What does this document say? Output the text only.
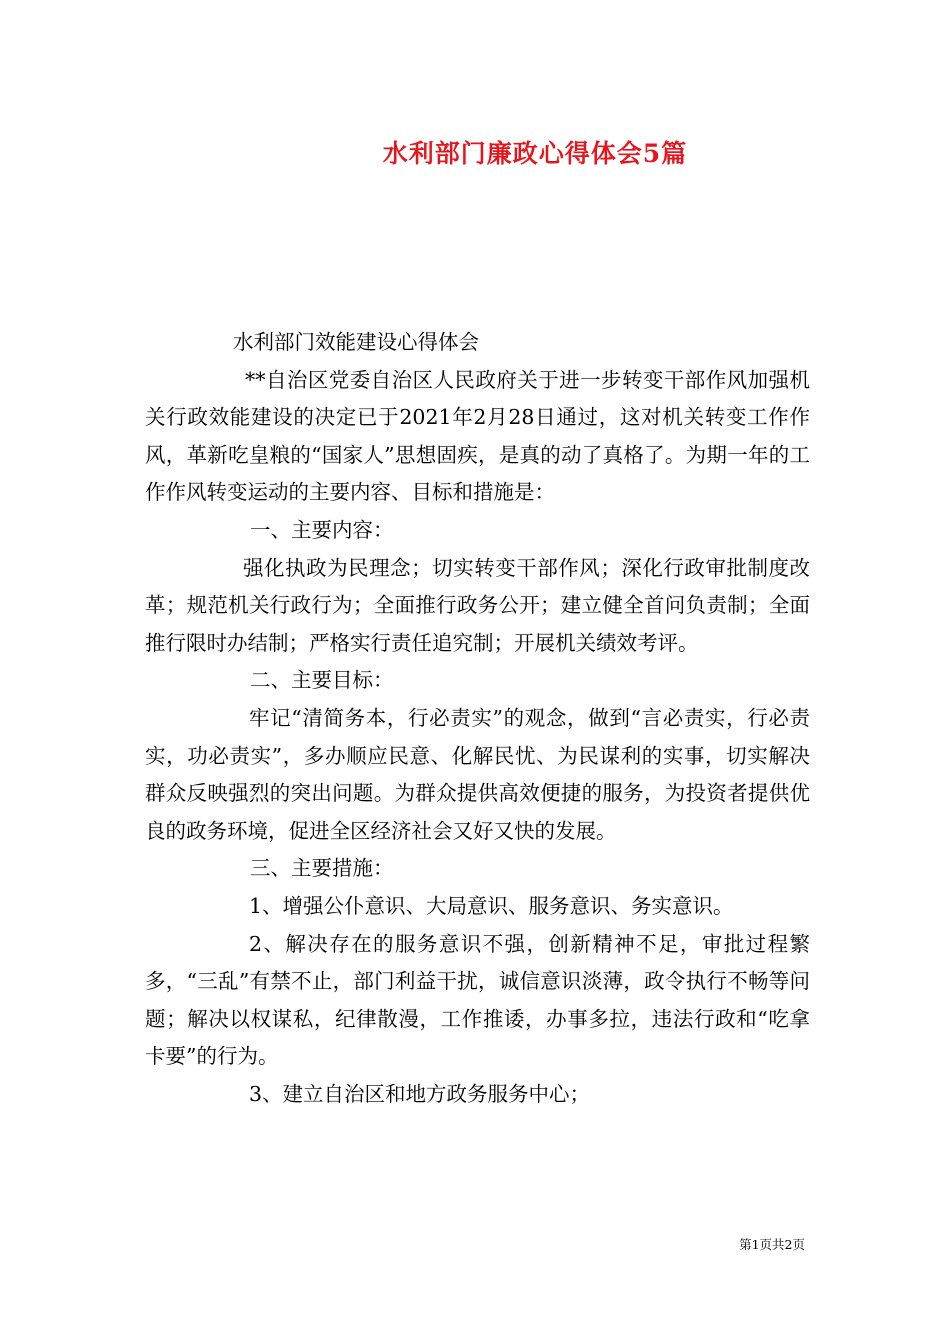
水利部门廉政心得体会5篇

水利部门效能建设心得体会

**自治区党委自治区人民政府关于进一步转变干部作风加强机关行政效能建设的决定已于2021年2月28日通过，这对机关转变工作作风，革新吃皇粮的“国家人”思想固疾，是真的动了真格了。为期一年的工作作风转变运动的主要内容、目标和措施是：

一、主要内容：

强化执政为民理念；切实转变干部作风；深化行政审批制度改革；规范机关行政行为；全面推行政务公开；建立健全首问负责制；全面推行限时办结制；严格实行责任追究制；开展机关绩效考评。

二、主要目标：

牢记“清简务本，行必责实”的观念，做到“言必责实，行必责实，功必责实”，多办顺应民意、化解民忧、为民谋利的实事，切实解决群众反映强烈的突出问题。为群众提供高效便捷的服务，为投资者提供优良的政务环境，促进全区经济社会又好又快的发展。

三、主要措施：

1、增强公仆意识、大局意识、服务意识、务实意识。

2、解决存在的服务意识不强，创新精神不足，审批过程繁多，“三乱”有禁不止，部门利益干扰，诚信意识淡薄，政令执行不畅等问题；解决以权谋私，纪律散漫，工作推诿，办事多拉，违法行政和“吃拿卡要”的行为。

3、建立自治区和地方政务服务中心；

第1页共2页
